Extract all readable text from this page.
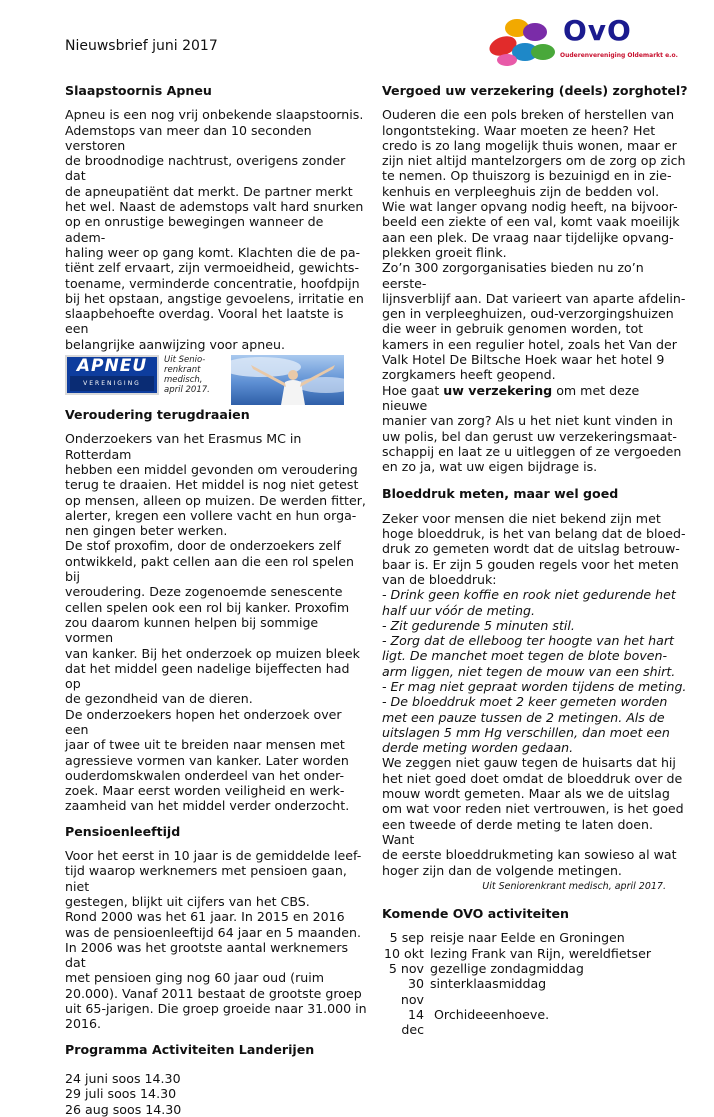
Nieuwsbrief juni 2017	OvO
Ouderenvereniging Oldemarkt e.o.
Slaapstoornis Apneu

Apneu is een nog vrij onbekende slaapstoornis.
Ademstops van meer dan 10 seconden verstoren
de broodnodige nachtrust, overigens zonder dat
de apneupatiënt dat merkt. De partner merkt
het wel. Naast de ademstops valt hard snurken
op en onrustige bewegingen wanneer de adem-
haling weer op gang komt. Klachten die de pa-
tiënt zelf ervaart, zijn vermoeidheid, gewichts-
toename, verminderde concentratie, hoofdpijn
bij het opstaan, angstige gevoelens, irritatie en
slaapbehoefte overdag. Vooral het laatste is een
belangrijke aanwijzing voor apneu.

APNEU
VERENIGING
Uit Senio-
renkrant
medisch,
april 2017.
Veroudering terugdraaien

Onderzoekers van het Erasmus MC in Rotterdam
hebben een middel gevonden om veroudering
terug te draaien. Het middel is nog niet getest
op mensen, alleen op muizen. De werden fitter,
alerter, kregen een vollere vacht en hun orga-
nen gingen beter werken.
De stof proxofim, door de onderzoekers zelf
ontwikkeld, pakt cellen aan die een rol spelen bij
veroudering. Deze zogenoemde senescente
cellen spelen ook een rol bij kanker. Proxofim
zou daarom kunnen helpen bij sommige vormen
van kanker. Bij het onderzoek op muizen bleek
dat het middel geen nadelige bijeffecten had op
de gezondheid van de dieren.
De onderzoekers hopen het onderzoek over een
jaar of twee uit te breiden naar mensen met
agressieve vormen van kanker. Later worden
ouderdomskwalen onderdeel van het onder-
zoek. Maar eerst worden veiligheid en werk-
zaamheid van het middel verder onderzocht.

Pensioenleeftijd

Voor het eerst in 10 jaar is de gemiddelde leef-
tijd waarop werknemers met pensioen gaan, niet
gestegen, blijkt uit cijfers van het CBS.
Rond 2000 was het 61 jaar. In 2015 en 2016
was de pensioenleeftijd 64 jaar en 5 maanden.
In 2006 was het grootste aantal werknemers dat
met pensioen ging nog 60 jaar oud (ruim
20.000). Vanaf 2011 bestaat de grootste groep
uit 65-jarigen. Die groep groeide naar 31.000 in
2016.

Programma Activiteiten Landerijen
24 juni soos 14.30
29 juli soos 14.30
26 aug soos 14.30
Vergoed uw verzekering (deels) zorghotel?

Ouderen die een pols breken of herstellen van
longontsteking. Waar moeten ze heen? Het
credo is zo lang mogelijk thuis wonen, maar er
zijn niet altijd mantelzorgers om de zorg op zich
te nemen. Op thuiszorg is bezuinigd en in zie-
kenhuis en verpleeghuis zijn de bedden vol.
Wie wat langer opvang nodig heeft, na bijvoor-
beeld een ziekte of een val, komt vaak moeilijk
aan een plek. De vraag naar tijdelijke opvang-
plekken groeit flink.
Zo’n 300 zorgorganisaties bieden nu zo’n eerste-
lijnsverblijf aan. Dat varieert van aparte afdelin-
gen in verpleeghuizen, oud-verzorgingshuizen
die weer in gebruik genomen worden, tot
kamers in een regulier hotel, zoals het Van der
Valk Hotel De Biltsche Hoek waar het hotel 9
zorgkamers heeft geopend.

Hoe gaat uw verzekering om met deze nieuwe
manier van zorg? Als u het niet kunt vinden in
uw polis, bel dan gerust uw verzekeringsmaat-
schappij en laat ze u uitleggen of ze vergoeden
en zo ja, wat uw eigen bijdrage is.

Bloeddruk meten, maar wel goed

Zeker voor mensen die niet bekend zijn met
hoge bloeddruk, is het van belang dat de bloed-
druk zo gemeten wordt dat de uitslag betrouw-
baar is. Er zijn 5 gouden regels voor het meten
van de bloeddruk:

- Drink geen koffie en rook niet gedurende het
half uur vóór de meting.
- Zit gedurende 5 minuten stil.
- Zorg dat de elleboog ter hoogte van het hart
ligt. De manchet moet tegen de blote boven-
arm liggen, niet tegen de mouw van een shirt.
- Er mag niet gepraat worden tijdens de meting.
- De bloeddruk moet 2 keer gemeten worden
met een pauze tussen de 2 metingen. Als de
uitslagen 5 mm Hg verschillen, dan moet een
derde meting worden gedaan.

We zeggen niet gauw tegen de huisarts dat hij
het niet goed doet omdat de bloeddruk over de
mouw wordt gemeten. Maar als we de uitslag
om wat voor reden niet vertrouwen, is het goed
een tweede of derde meting te laten doen. Want
de eerste bloeddrukmeting kan sowieso al wat
hoger zijn dan de volgende metingen.

Uit Seniorenkrant medisch, april 2017.
Komende OVO activiteiten
5 sep reisje naar Eelde en Groningen
10 okt lezing Frank van Rijn, wereldfietser
5 nov gezellige zondagmiddag
30 nov
sinterklaasmiddag
14 dec
Orchideeenhoeve.
